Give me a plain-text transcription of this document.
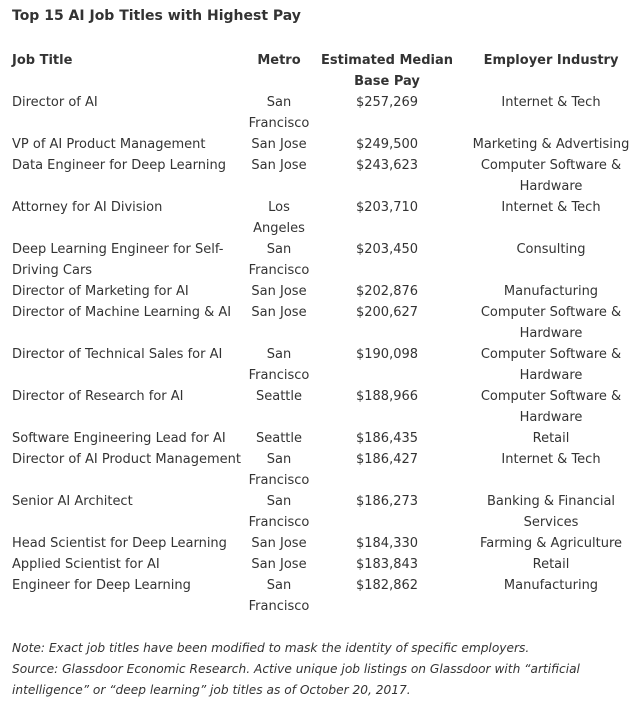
Top 15 AI Job Titles with Highest Pay
Job Title	Metro	Estimated Median Base Pay	Employer Industry
Director of AI	San Francisco	$257,269	Internet & Tech
VP of AI Product Management	San Jose	$249,500	Marketing & Advertising
Data Engineer for Deep Learning	San Jose	$243,623	Computer Software & Hardware
Attorney for AI Division	Los Angeles	$203,710	Internet & Tech
Deep Learning Engineer for Self-Driving Cars	San Francisco	$203,450	Consulting
Director of Marketing for AI	San Jose	$202,876	Manufacturing
Director of Machine Learning & AI	San Jose	$200,627	Computer Software & Hardware
Director of Technical Sales for AI	San Francisco	$190,098	Computer Software & Hardware
Director of Research for AI	Seattle	$188,966	Computer Software & Hardware
Software Engineering Lead for AI	Seattle	$186,435	Retail
Director of AI Product Management	San Francisco	$186,427	Internet & Tech
Senior AI Architect	San Francisco	$186,273	Banking & Financial Services
Head Scientist for Deep Learning	San Jose	$184,330	Farming & Agriculture
Applied Scientist for AI	San Jose	$183,843	Retail
Engineer for Deep Learning	San Francisco	$182,862	Manufacturing
Note: Exact job titles have been modified to mask the identity of specific employers.
Source: Glassdoor Economic Research. Active unique job listings on Glassdoor with “artificial
intelligence” or “deep learning” job titles as of October 20, 2017.
